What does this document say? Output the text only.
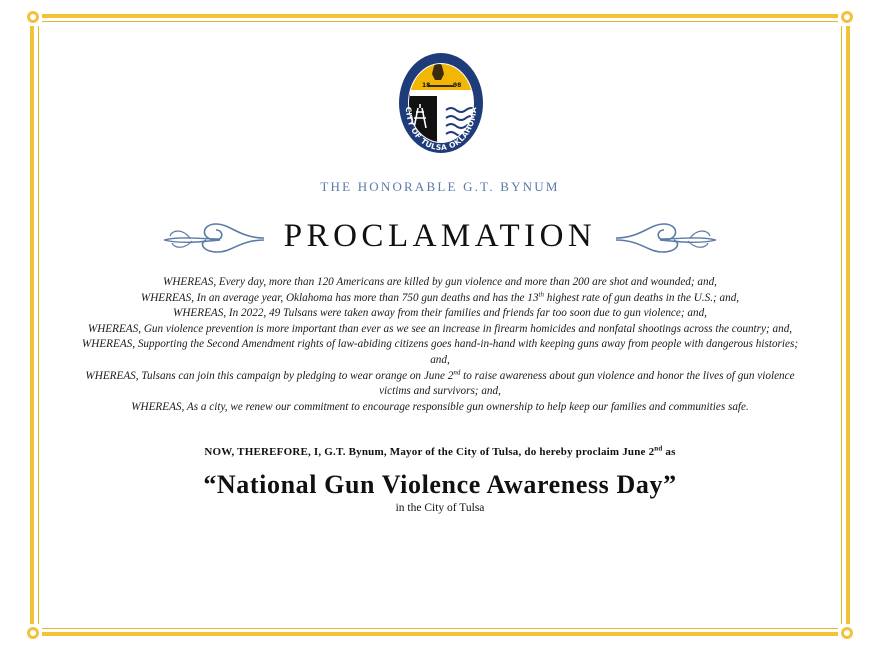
18	98
CITY OF TULSA OKLAHOMA
THE HONORABLE G.T. BYNUM
PROCLAMATION

WHEREAS, Every day, more than 120 Americans are killed by gun violence and more than 200 are shot and wounded; and,

WHEREAS, In an average year, Oklahoma has more than 750 gun deaths and has the 13th highest rate of gun deaths in the U.S.; and,

WHEREAS, In 2022, 49 Tulsans were taken away from their families and friends far too soon due to gun violence; and,

WHEREAS, Gun violence prevention is more important than ever as we see an increase in firearm homicides and nonfatal shootings across the country; and,

WHEREAS, Supporting the Second Amendment rights of law-abiding citizens goes hand-in-hand with keeping guns away from people with dangerous histories; and,

WHEREAS, Tulsans can join this campaign by pledging to wear orange on June 2nd to raise awareness about gun violence and honor the lives of gun violence victims and survivors; and,

WHEREAS, As a city, we renew our commitment to encourage responsible gun ownership to help keep our families and communities safe.

NOW, THEREFORE, I, G.T. Bynum, Mayor of the City of Tulsa, do hereby proclaim June 2nd as
“National Gun Violence Awareness Day”
in the City of Tulsa
